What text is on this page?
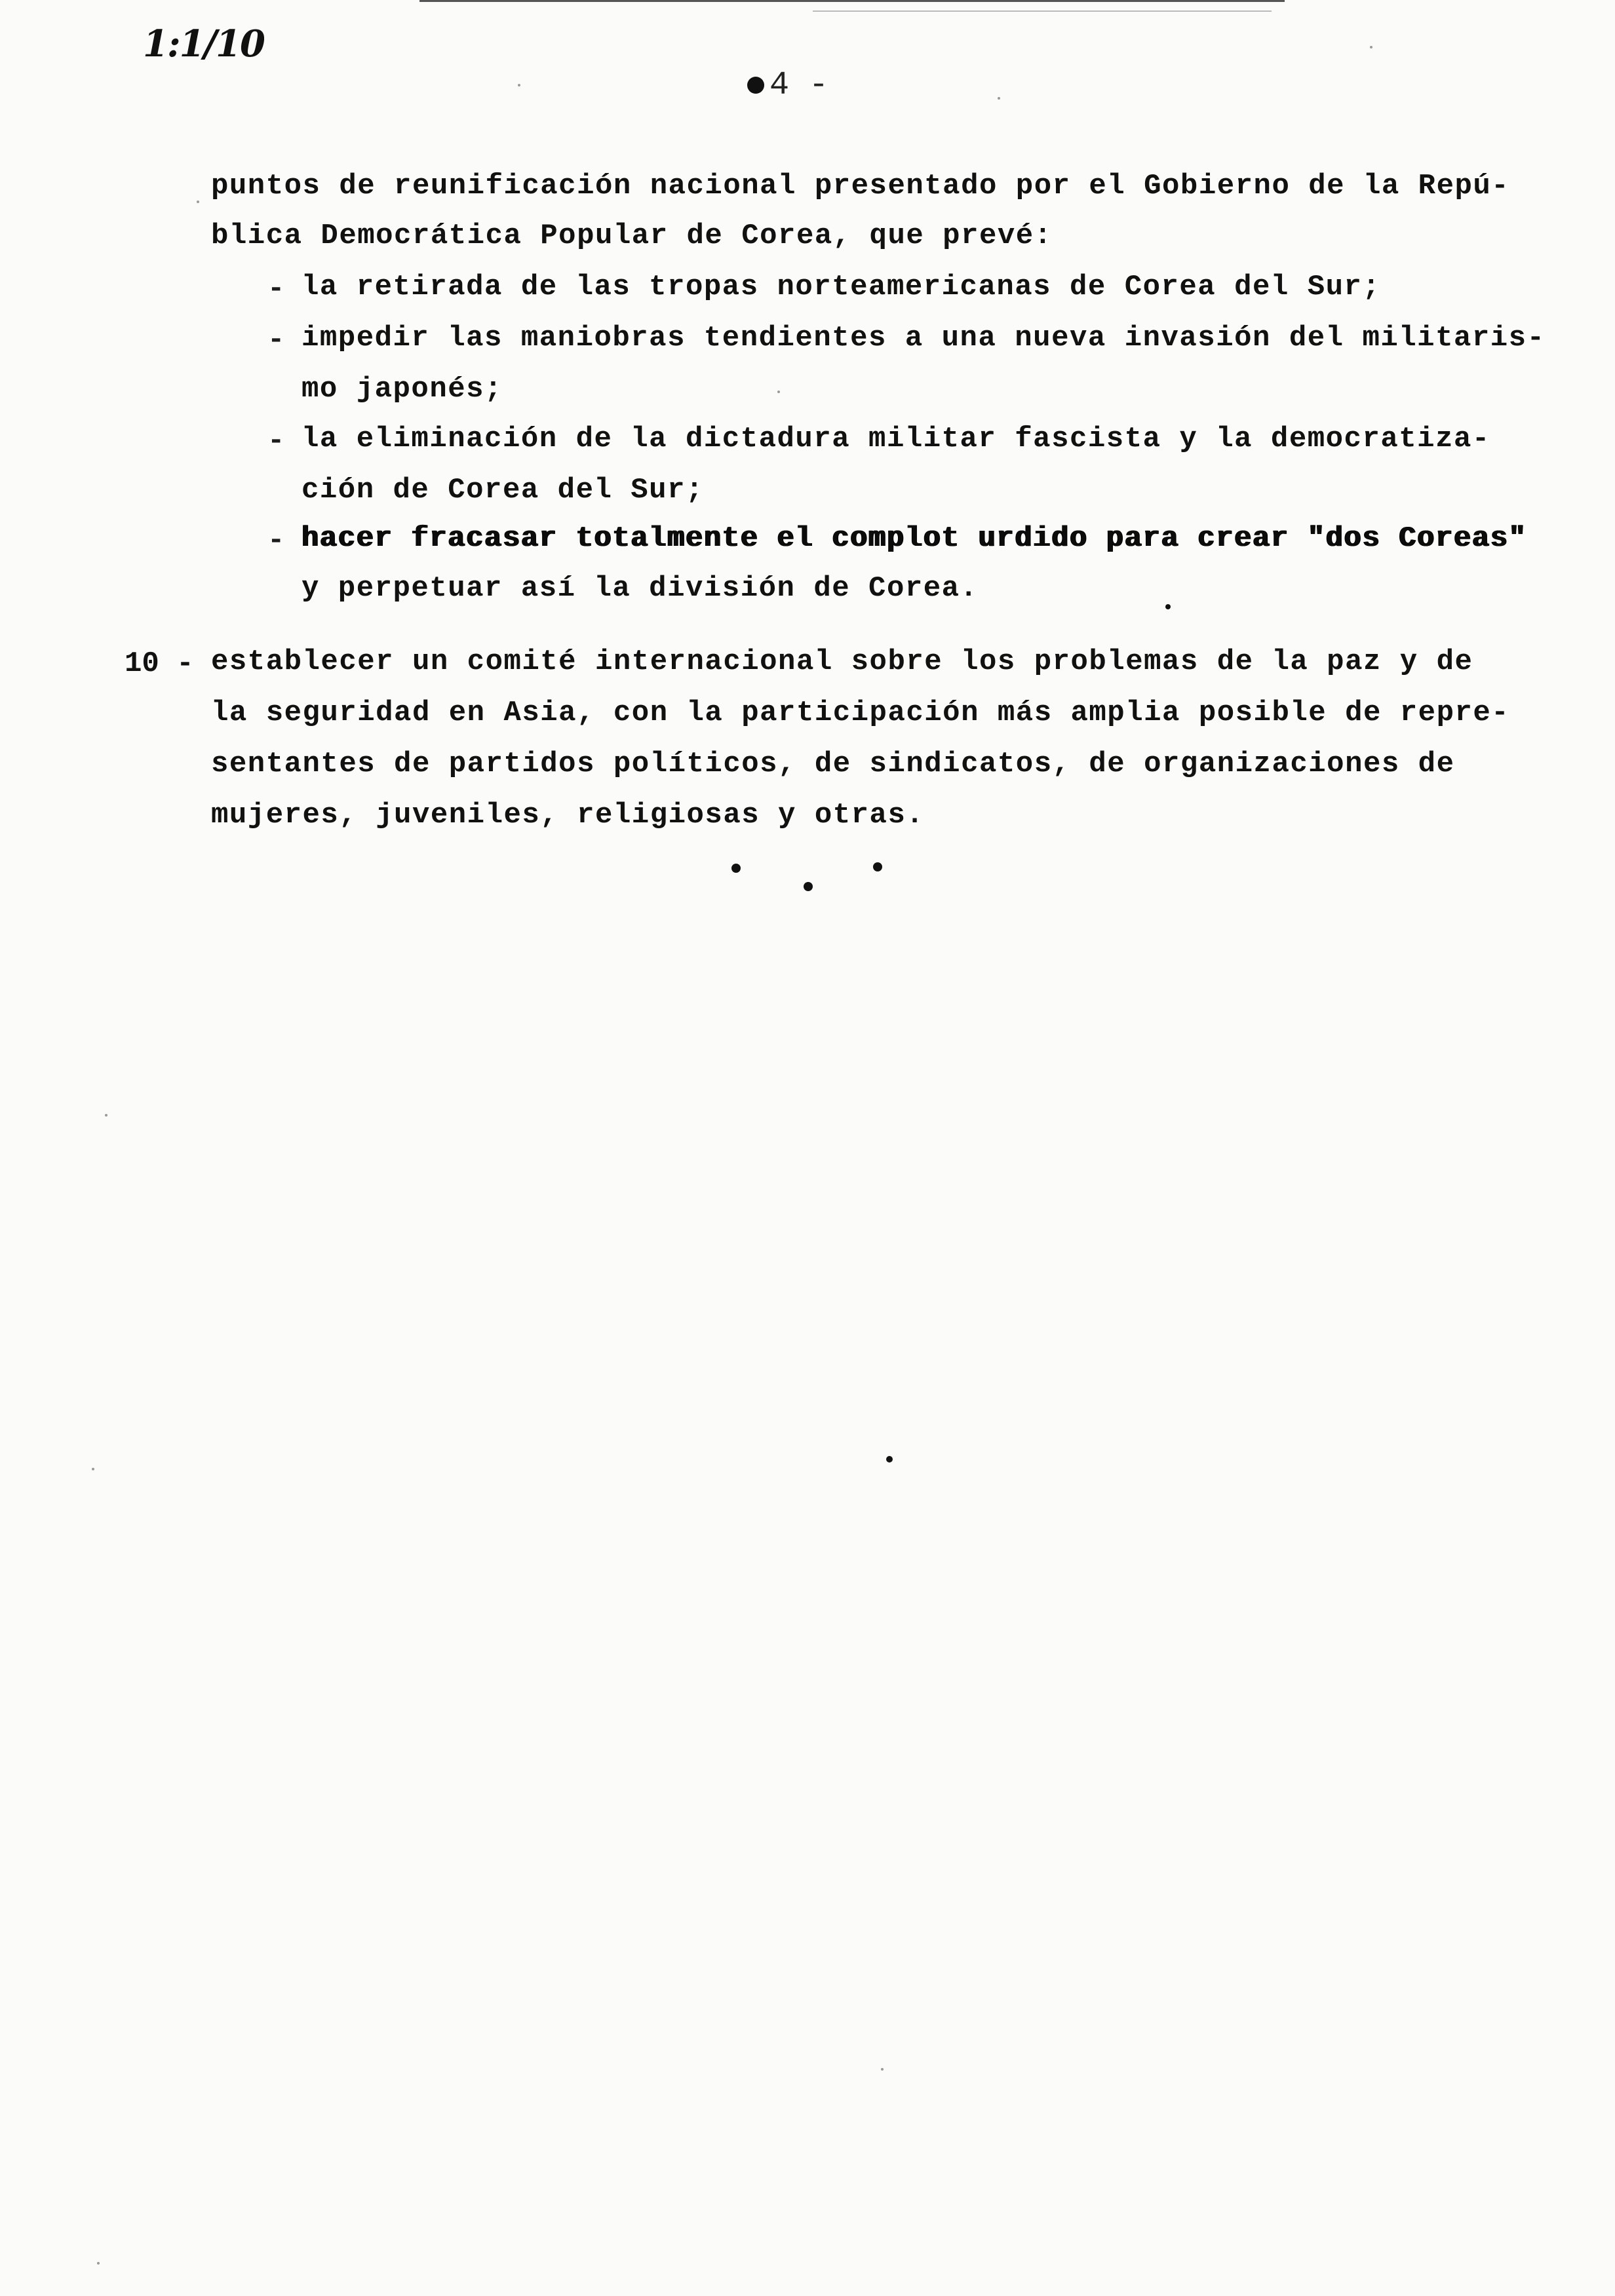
1:1/10
4 -
puntos de reunificación nacional presentado por el Gobierno de la Repú-
blica Democrática Popular de Corea, que prevé:
- la retirada de las tropas norteamericanas de Corea del Sur;
- impedir las maniobras tendientes a una nueva invasión del militaris-
mo japonés;
- la eliminación de la dictadura militar fascista y la democratiza-
ción de Corea del Sur;
- hacer fracasar totalmente el complot urdido para crear "dos Coreas"
y perpetuar así la división de Corea.
10 - establecer un comité internacional sobre los problemas de la paz y de
la seguridad en Asia, con la participación más amplia posible de repre-
sentantes de partidos políticos, de sindicatos, de organizaciones de
mujeres, juveniles, religiosas y otras.
